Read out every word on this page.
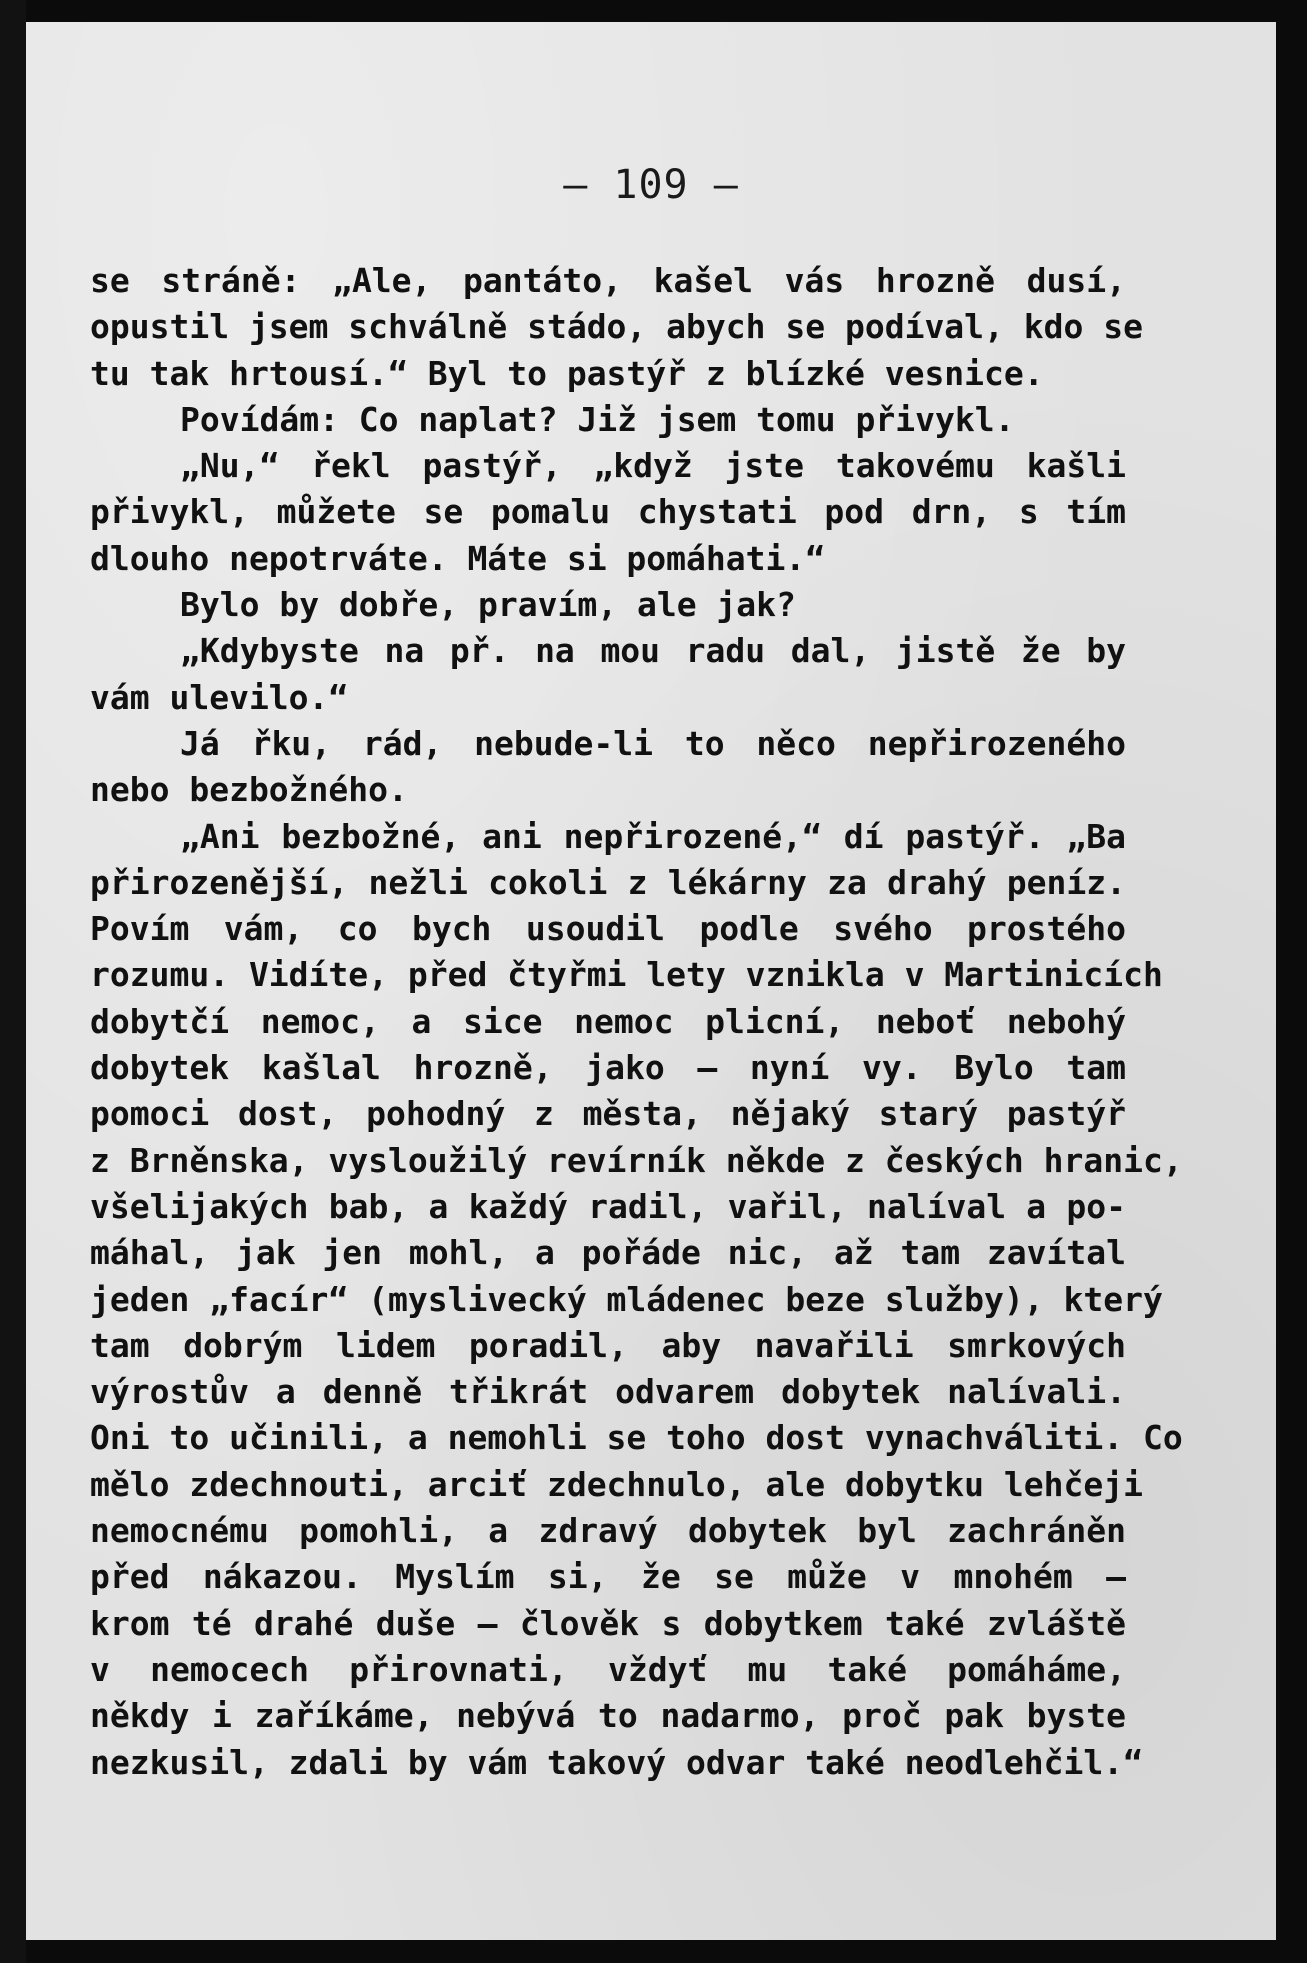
— 109 —
se stráně: „Ale, pantáto, kašel vás hrozně dusí,
opustil jsem schválně stádo, abych se podíval, kdo se
tu tak hrtousí.“ Byl to pastýř z blízké vesnice.
Povídám: Co naplat? Již jsem tomu přivykl.
„Nu,“ řekl pastýř, „když jste takovému kašli
přivykl, můžete se pomalu chystati pod drn, s tím
dlouho nepotrváte. Máte si pomáhati.“
Bylo by dobře, pravím, ale jak?
„Kdybyste na př. na mou radu dal, jistě že by
vám ulevilo.“
Já řku, rád, nebude-li to něco nepřirozeného
nebo bezbožného.
„Ani bezbožné, ani nepřirozené,“ dí pastýř. „Ba
přirozenější, nežli cokoli z lékárny za drahý peníz.
Povím vám, co bych usoudil podle svého prostého
rozumu. Vidíte, před čtyřmi lety vznikla v Martinicích
dobytčí nemoc, a sice nemoc plicní, neboť nebohý
dobytek kašlal hrozně, jako — nyní vy. Bylo tam
pomoci dost, pohodný z města, nějaký starý pastýř
z Brněnska, vysloužilý revírník někde z českých hranic,
všelijakých bab, a každý radil, vařil, nalíval a po-
máhal, jak jen mohl, a pořáde nic, až tam zavítal
jeden „facír“ (myslivecký mládenec beze služby), který
tam dobrým lidem poradil, aby navařili smrkových
výrostův a denně třikrát odvarem dobytek nalívali.
Oni to učinili, a nemohli se toho dost vynachváliti. Co
mělo zdechnouti, arciť zdechnulo, ale dobytku lehčeji
nemocnému pomohli, a zdravý dobytek byl zachráněn
před nákazou. Myslím si, že se může v mnohém —
krom té drahé duše — člověk s dobytkem také zvláště
v nemocech přirovnati, vždyť mu také pomáháme,
někdy i zaříkáme, nebývá to nadarmo, proč pak byste
nezkusil, zdali by vám takový odvar také neodlehčil.“
